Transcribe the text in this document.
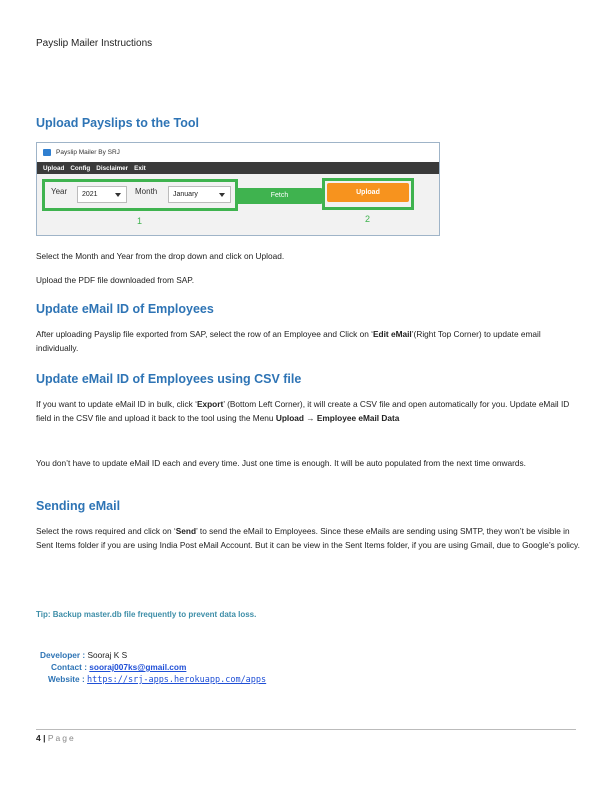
Payslip Mailer Instructions
Upload Payslips to the Tool
Payslip Mailer By SRJ
Upload Config Disclaimer Exit
Year	2021	Month	January	Fetch	Upload
1	2

Select the Month and Year from the drop down and click on Upload.

Upload the PDF file downloaded from SAP.

Update eMail ID of Employees

After uploading Payslip file exported from SAP, select the row of an Employee and Click on ‘Edit eMail’(Right Top Corner) to update email individually.

Update eMail ID of Employees using CSV file

If you want to update eMail ID in bulk, click ‘Export’ (Bottom Left Corner), it will create a CSV file and open automatically for you. Update eMail ID field in the CSV file and upload it back to the tool using the Menu Upload → Employee eMail Data

You don’t have to update eMail ID each and every time. Just one time is enough. It will be auto populated from the next time onwards.

Sending eMail

Select the rows required and click on ‘Send’ to send the eMail to Employees. Since these eMails are sending using SMTP, they won’t be visible in Sent Items folder if you are using India Post eMail Account. But it can be view in the Sent Items folder, if you are using Gmail, due to Google’s policy.

Tip: Backup master.db file frequently to prevent data loss.
Developer : Sooraj K S
Contact : sooraj007ks@gmail.com
Website : https://srj-apps.herokuapp.com/apps
4 | Page
